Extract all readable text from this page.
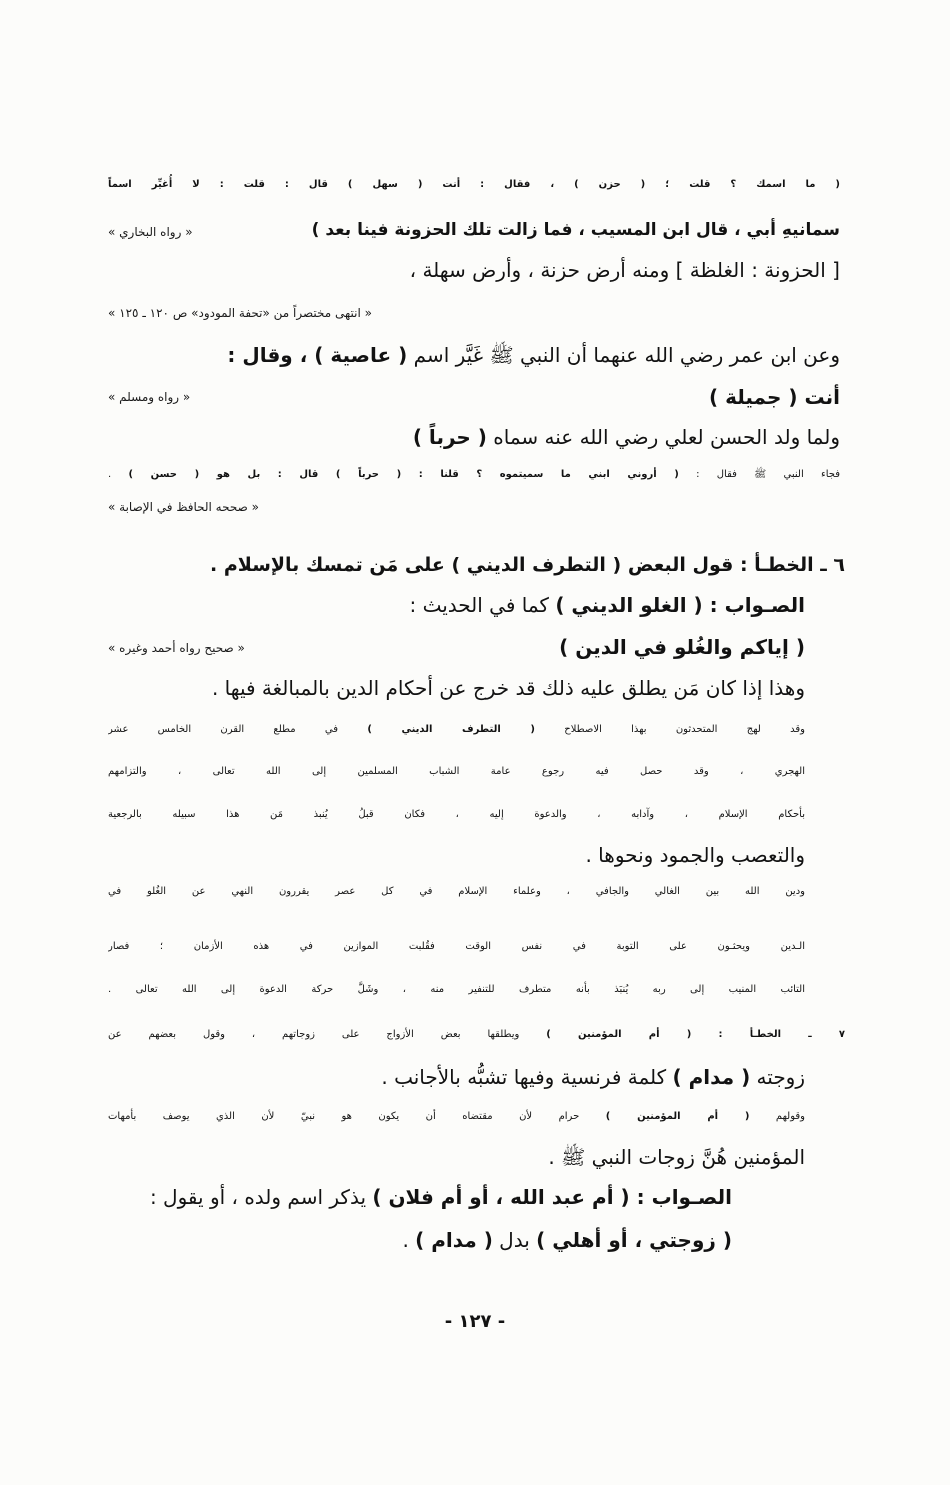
( ما اسمك ؟ قلت ؛ ( حزن ) ، فقال : أنت ( سهل ) قال : قلت : لا أُغيِّر اسماً
سمانيهِ أبي ، قال ابن المسيب ، فما زالت تلك الحزونة فينا بعد )
« رواه البخاري »
[ الحزونة : الغلظة ] ومنه أرض حزنة ، وأرض سهلة ،
« انتهى مختصراً من «تحفة المودود» ص ١٢٠ ـ ١٢٥ »
وعن ابن عمر رضي الله عنهما أن النبي ﷺ غَيَّر اسم ( عاصية ) ، وقال :
أنت ( جميلة )
« رواه ومسلم »
ولما ولد الحسن لعلي رضي الله عنه سماه ( حرباً )
فجاء النبي ﷺ فقال : ( أروني ابني ما سميتموه ؟ قلنا : ( حرباً ) قال : بل هو ( حسن ) .
« صححه الحافظ في الإصابة »
٦ ـ الخطـأ : قول البعض ( التطرف الديني ) على مَن تمسك بالإسلام .
الصـواب : ( الغلو الديني ) كما في الحديث :
( إياكم والغُلو في الدين )
« صحيح رواه أحمد وغيره »
وهذا إذا كان مَن يطلق عليه ذلك قد خرج عن أحكام الدين بالمبالغة فيها .
وقد لهج المتحدثون بهذا الاصطلاح ( التطرف الديني ) في مطلع القرن الخامس عشر
الهجري ، وقد حصل فيه رجوع عامة الشباب المسلمين إلى الله تعالى ، والتزامهم
بأحكام الإسلام ، وآدابه ، والدعوة إليه ، فكان قبلُ يُنبذ مَن هذا سبيله بالرجعية
والتعصب والجمود ونحوها .
ودين الله بين الغالي والجافي ، وعلماء الإسلام في كل عصر يقررون النهي عن الغُلو في
الـدين ويحثـون على التوبة في نفس الوقت فقُلبت الموازين في هذه الأزمان ؛ فصار
التائب المنيب إلى ربه يُنبَذ بأنه متطرف للتنفير منه ، وشَلَّ حركة الدعوة إلى الله تعالى .
٧ ـ الخطـأ : ( أم المؤمنين ) ويطلقها بعض الأزواج على زوجاتهم ، وقول بعضهم عن
زوجته ( مدام ) كلمة فرنسية وفيها تشبُّه بالأجانب .
وقولهم ( أم المؤمنين ) حرام لأن مقتضاه أن يكون هو نبيّ لأن الذي يوصف بأمهات
المؤمنين هُنَّ زوجات النبي ﷺ .
الصـواب : ( أم عبد الله ، أو أم فلان ) يذكر اسم ولده ، أو يقول :
( زوجتي ، أو أهلي ) بدل ( مدام ) .
- ١٢٧ -
